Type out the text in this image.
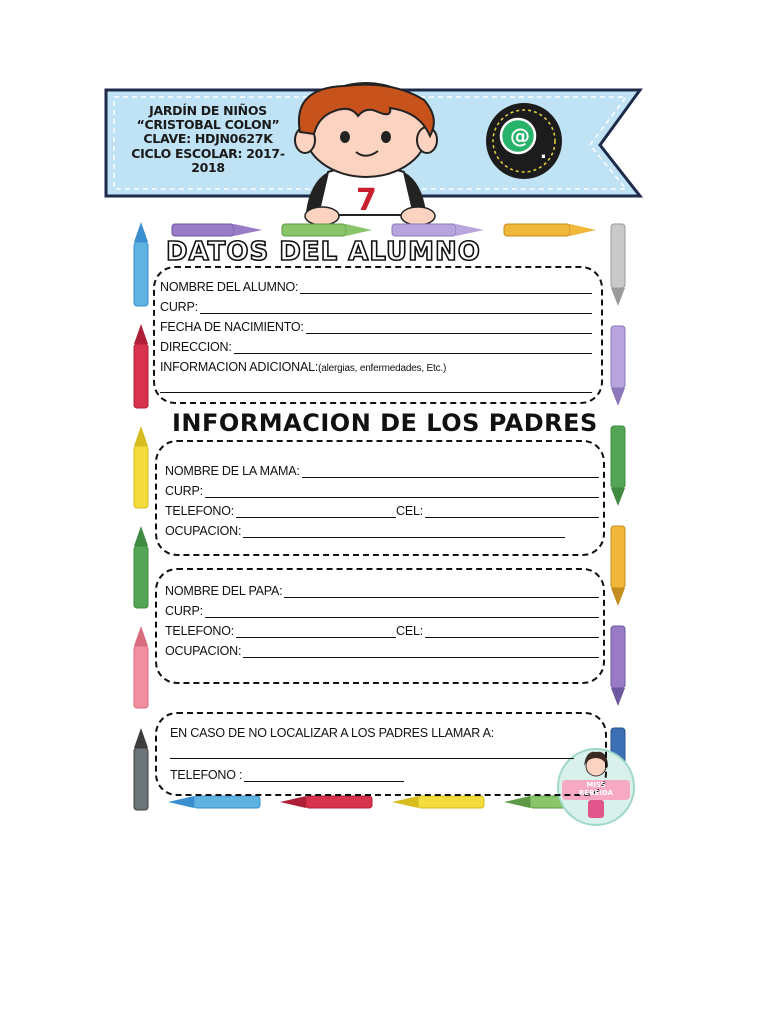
7
@
.
JARDÍN DE NIÑOS
“CRISTOBAL COLON”
CLAVE: HDJN0627K
CICLO ESCOLAR: 2017-
2018
DATOS DEL ALUMNO
NOMBRE DEL ALUMNO:
CURP:
FECHA DE NACIMIENTO:
DIRECCION:
INFORMACION ADICIONAL: (alergias, enfermedades, Etc.)
INFORMACION DE LOS PADRES
NOMBRE DE LA MAMA:
CURP:
TELEFONO:	CEL:
OCUPACION:
NOMBRE DEL PAPA:
CURP:
TELEFONO:	CEL:
OCUPACION:
EN CASO DE NO LOCALIZAR A LOS PADRES LLAMAR A:
TELEFONO :
MISS
REBEIDA
